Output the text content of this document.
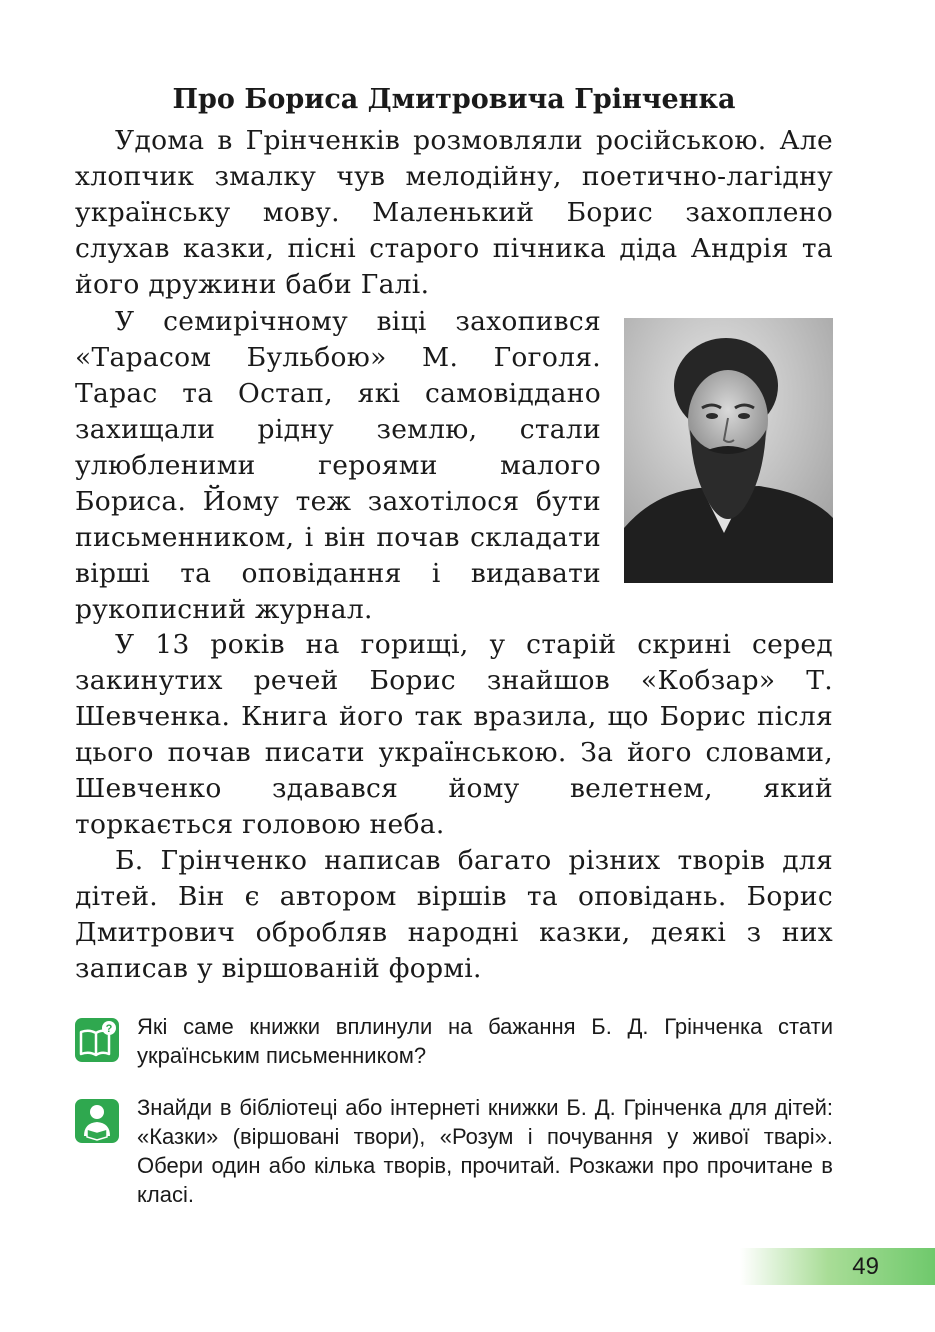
Про Бориса Дмитровича Грінченка

Удома в Грінченків розмовляли російською. Але хлопчик змалку чув мелодійну, поетично-лагідну українську мову. Маленький Борис захоплено слухав казки, пісні старого пічника діда Андрія та його дружини баби Галі.

У семирічному віці захопився «Тарасом Бульбою» М. Гоголя. Тарас та Остап, які самовіддано захищали рідну землю, стали улюбленими героями малого Бориса. Йому теж захотілося бути письменником, і він почав складати вірші та оповідання і видавати рукописний журнал.

У 13 років на горищі, у старій скрині серед закинутих речей Борис знайшов «Кобзар» Т. Шевченка. Книга його так вразила, що Борис після цього почав писати українською. За його словами, Шевченко здавався йому велетнем, який торкається головою неба.

Б. Грінченко написав багато різних творів для дітей. Він є автором віршів та оповідань. Борис Дмитрович обробляв народні казки, деякі з них записав у віршованій формі.

? Які саме книжки вплинули на бажання Б. Д. Грінченка стати українським письменником?

Знайди в бібліотеці або інтернеті книжки Б. Д. Грінченка для дітей: «Казки» (віршовані твори), «Розум і почування у живої тварі». Обери один або кілька творів, прочитай. Розкажи про прочитане в класі.

49
